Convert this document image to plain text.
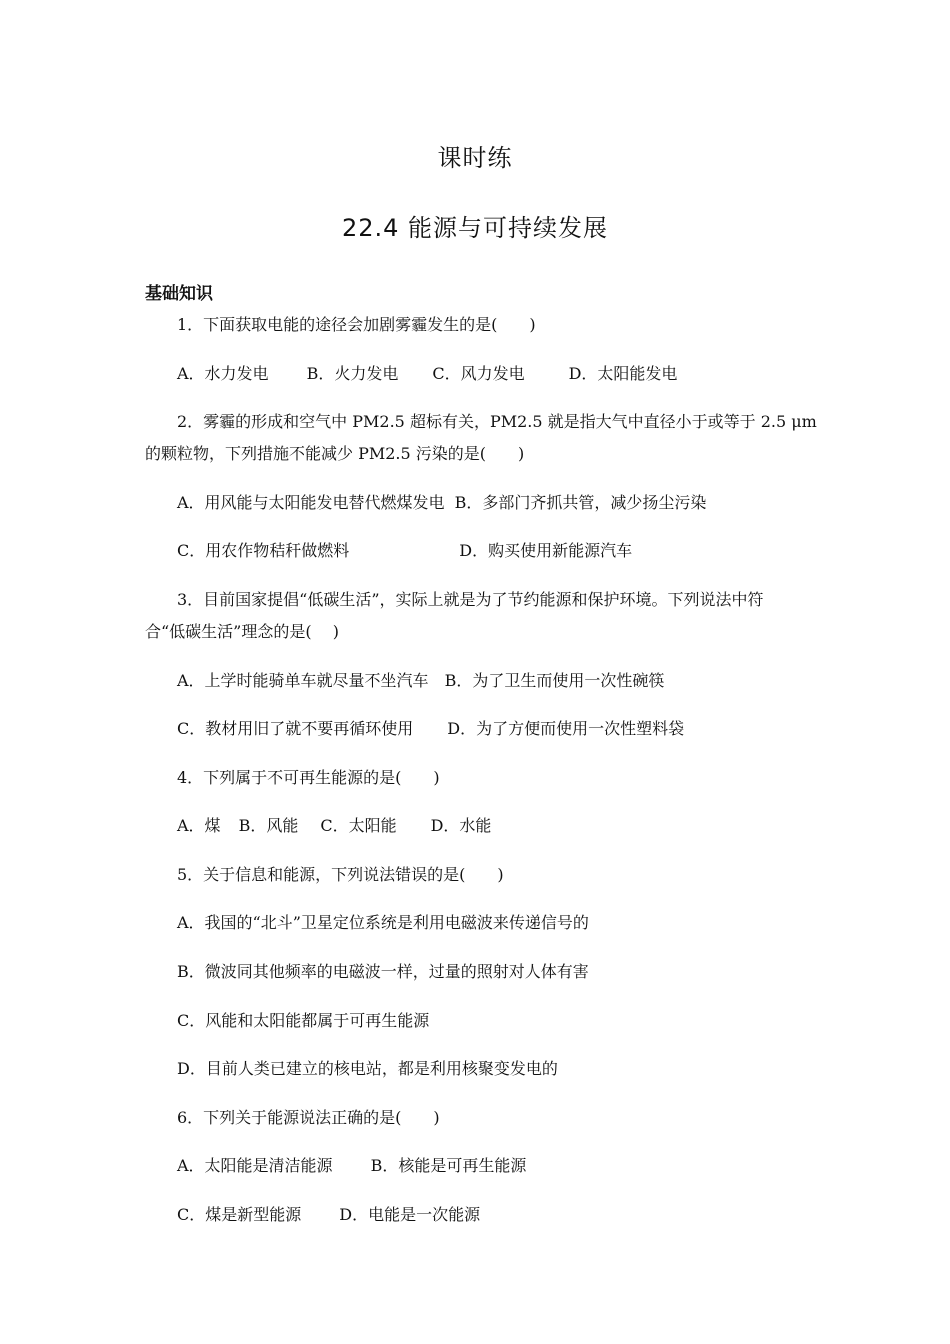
课时练
22.4 能源与可持续发展
基础知识
1．下面获取电能的途径会加剧雾霾发生的是(　　)
A．水力发电 B．火力发电 C．风力发电	D．太阳能发电
2．雾霾的形成和空气中 PM2.5 超标有关，PM2.5 就是指大气中直径小于或等于 2.5 μm
的颗粒物，下列措施不能减少 PM2.5 污染的是(　　)
A．用风能与太阳能发电替代燃煤发电 B．多部门齐抓共管，减少扬尘污染
C．用农作物秸秆做燃料	D．购买使用新能源汽车
3．目前国家提倡“低碳生活”，实际上就是为了节约能源和保护环境。下列说法中符
合“低碳生活”理念的是(　 )
A．上学时能骑单车就尽量不坐汽车 B．为了卫生而使用一次性碗筷
C．教材用旧了就不要再循环使用 D．为了方便而使用一次性塑料袋
4．下列属于不可再生能源的是(　　)
A．煤 B．风能 C．太阳能 D．水能
5．关于信息和能源，下列说法错误的是(　　)
A．我国的“北斗”卫星定位系统是利用电磁波来传递信号的
B．微波同其他频率的电磁波一样，过量的照射对人体有害
C．风能和太阳能都属于可再生能源
D．目前人类已建立的核电站，都是利用核聚变发电的
6．下列关于能源说法正确的是(　　)
A．太阳能是清洁能源 B．核能是可再生能源
C．煤是新型能源 D．电能是一次能源
